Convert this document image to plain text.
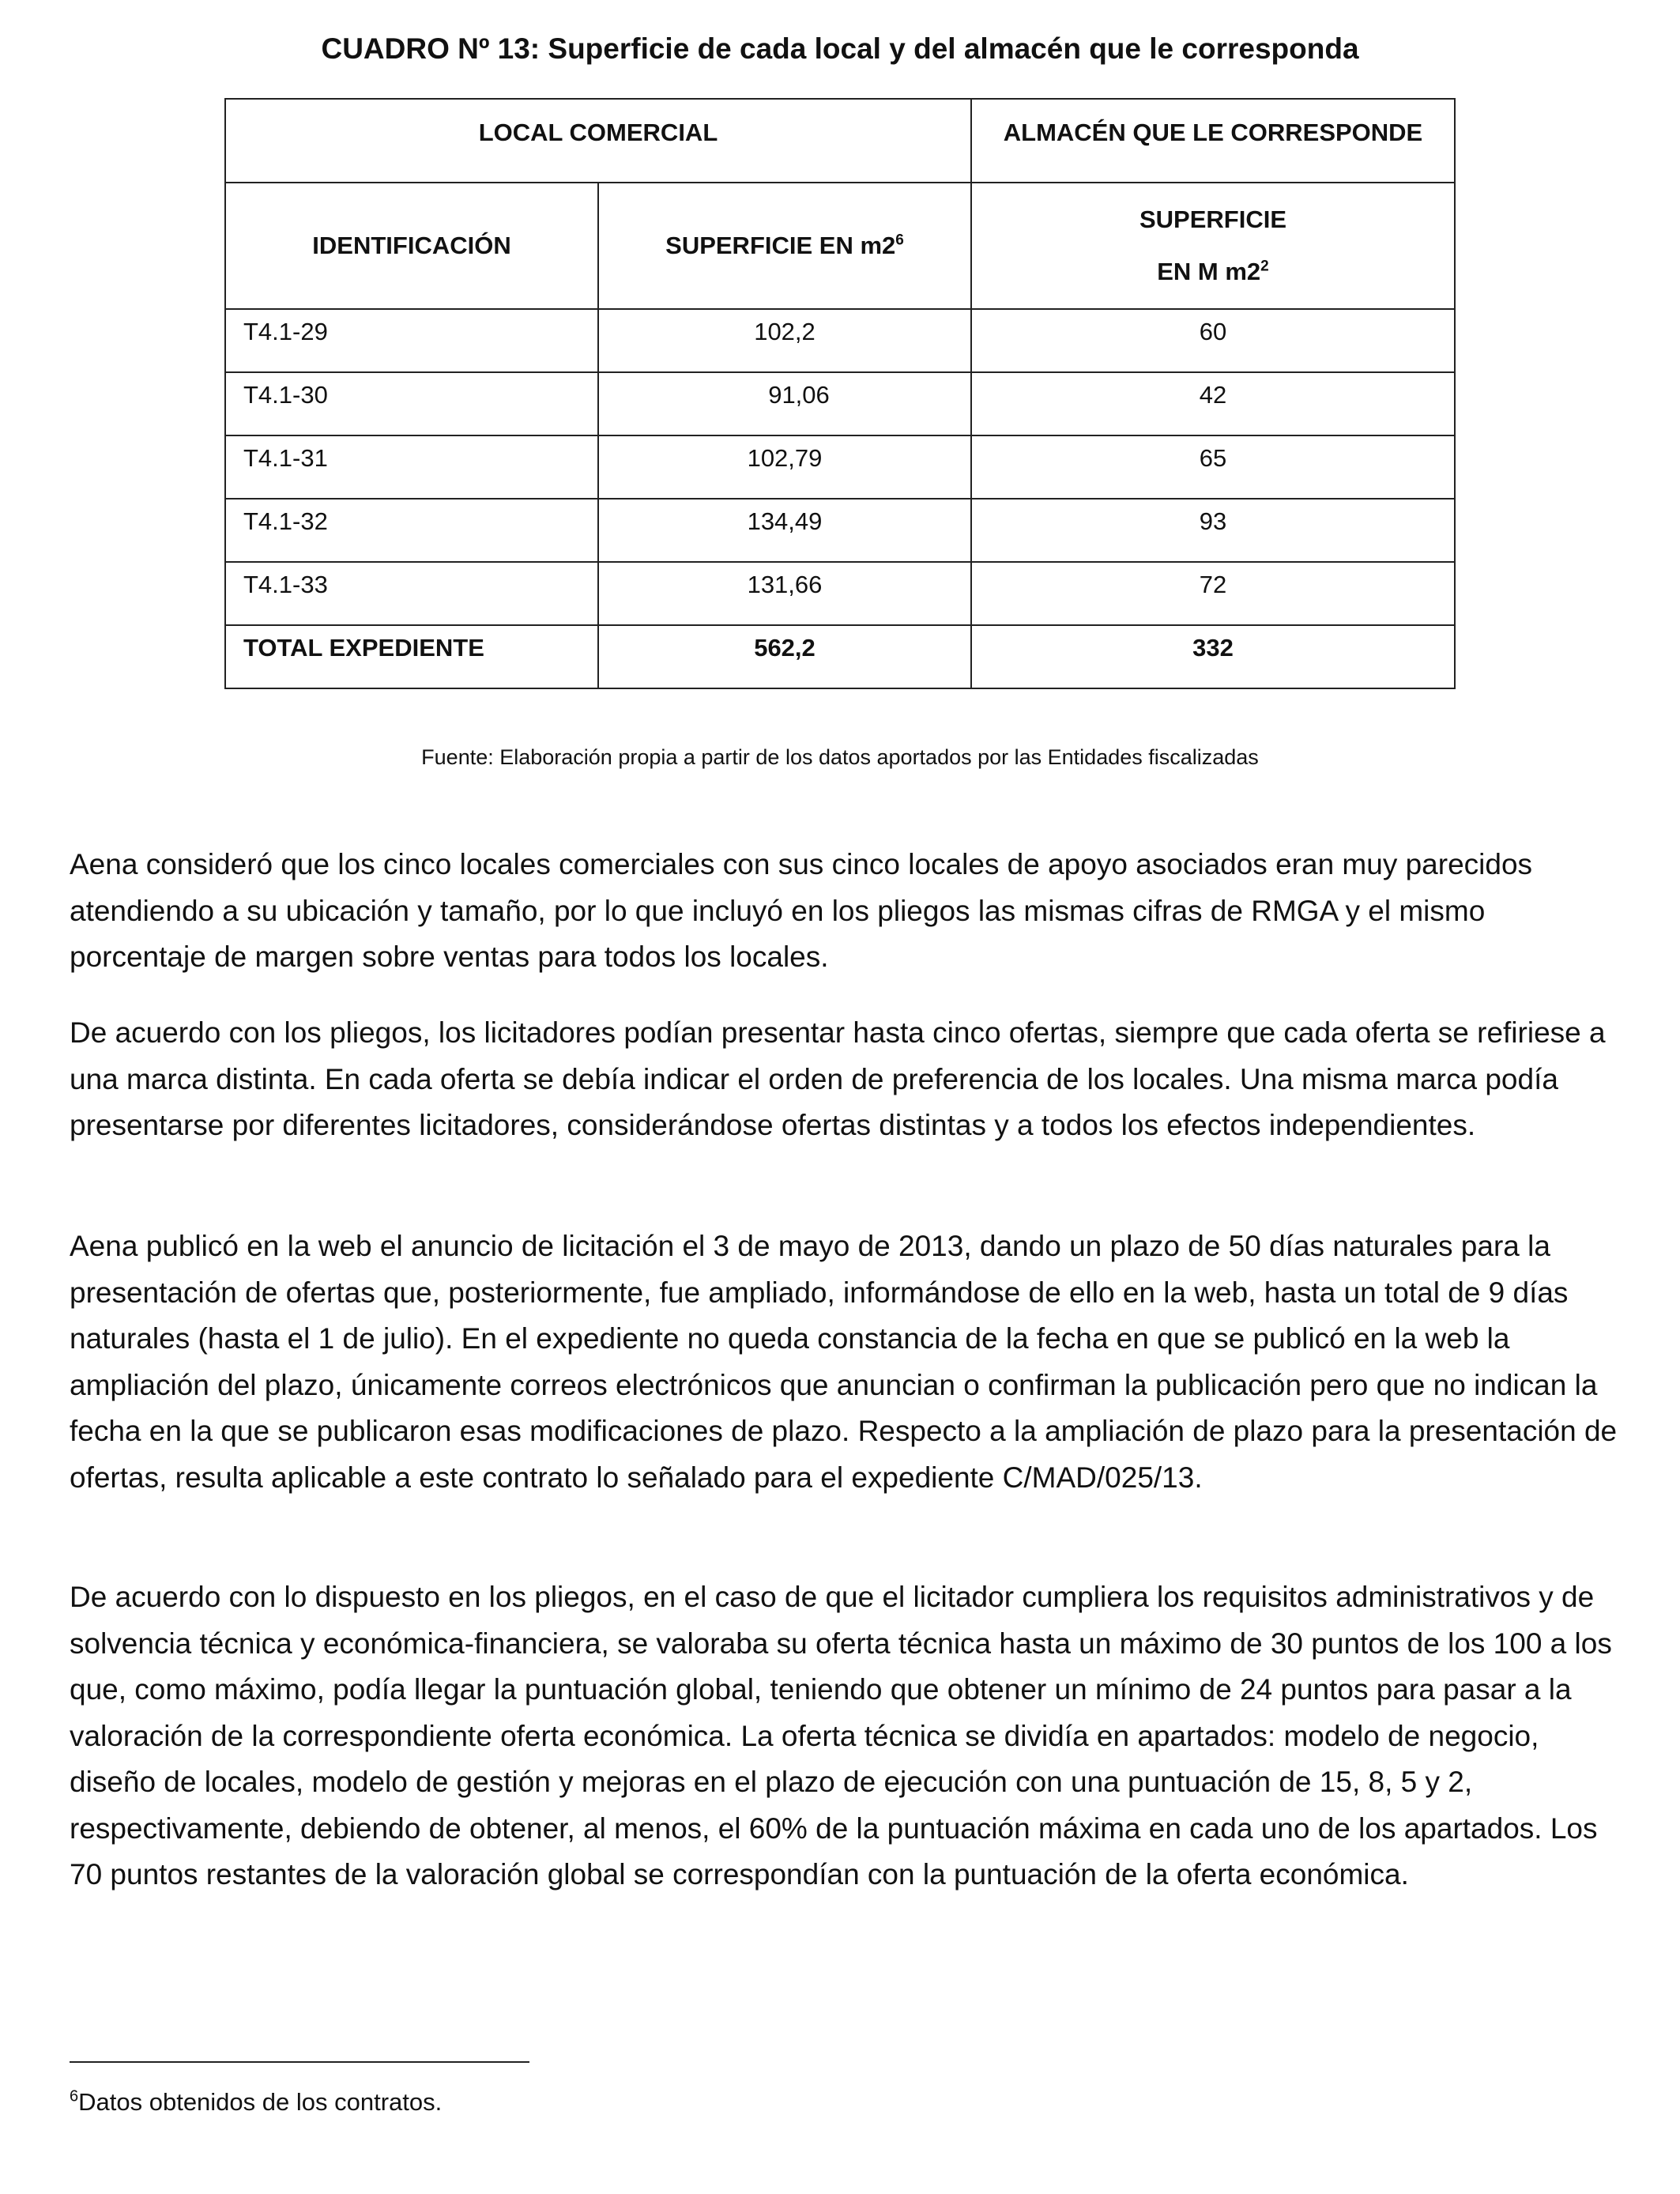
CUADRO Nº 13: Superficie de cada local y del almacén que le corresponda
LOCAL COMERCIAL		ALMACÉN QUE LE CORRESPONDE
IDENTIFICACIÓN	SUPERFICIE EN $m2^6$	SUPERFICIE
EN M $m2^2$

T4.1-29	102,2	60
T4.1-30	91,06	42
T4.1-31	102,79	65
T4.1-32	134,49	93
T4.1-33	131,66	72
TOTAL EXPEDIENTE	562,2	332
Fuente: Elaboración propia a partir de los datos aportados por las Entidades fiscalizadas

Aena consideró que los cinco locales comerciales con sus cinco locales de apoyo asociados eran muy parecidos atendiendo a su ubicación y tamaño, por lo que incluyó en los pliegos las mismas cifras de RMGA y el mismo porcentaje de margen sobre ventas para todos los locales.

De acuerdo con los pliegos, los licitadores podían presentar hasta cinco ofertas, siempre que cada oferta se refiriese a una marca distinta. En cada oferta se debía indicar el orden de preferencia de los locales. Una misma marca podía presentarse por diferentes licitadores, considerándose ofertas distintas y a todos los efectos independientes.

Aena publicó en la web el anuncio de licitación el 3 de mayo de 2013, dando un plazo de 50 días naturales para la presentación de ofertas que, posteriormente, fue ampliado, informándose de ello en la web, hasta un total de 9 días naturales (hasta el 1 de julio). En el expediente no queda constancia de la fecha en que se publicó en la web la ampliación del plazo, únicamente correos electrónicos que anuncian o confirman la publicación pero que no indican la fecha en la que se publicaron esas modificaciones de plazo. Respecto a la ampliación de plazo para la presentación de ofertas, resulta aplicable a este contrato lo señalado para el expediente C/MAD/025/13.

De acuerdo con lo dispuesto en los pliegos, en el caso de que el licitador cumpliera los requisitos administrativos y de solvencia técnica y económica-financiera, se valoraba su oferta técnica hasta un máximo de 30 puntos de los 100 a los que, como máximo, podía llegar la puntuación global, teniendo que obtener un mínimo de 24 puntos para pasar a la valoración de la correspondiente oferta económica. La oferta técnica se dividía en apartados: modelo de negocio, diseño de locales, modelo de gestión y mejoras en el plazo de ejecución con una puntuación de 15, 8, 5 y 2, respectivamente, debiendo de obtener, al menos, el 60% de la puntuación máxima en cada uno de los apartados. Los 70 puntos restantes de la valoración global se correspondían con la puntuación de la oferta económica.

$^6$Datos obtenidos de los contratos.
